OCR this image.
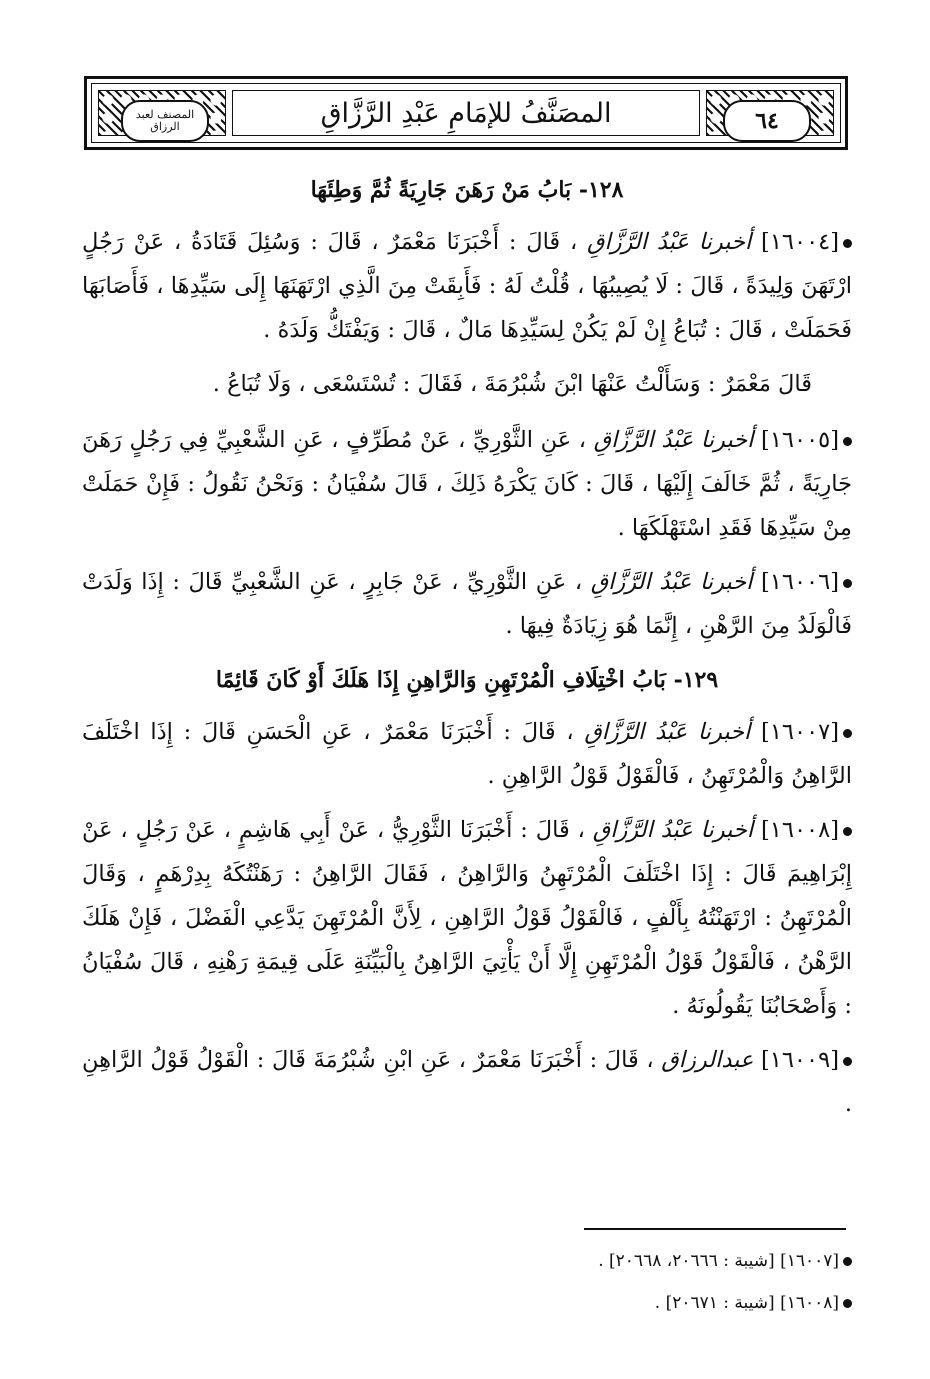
المصنف لعبد الرزاق	المصَنَّفُ للإمَامِ عَبْدِ الرَّزَّاقِ	٦٤
١٢٨- بَابُ مَنْ رَهَنَ جَارِيَةً ثُمَّ وَطِئَهَا

[١٦٠٠٤] أخبرنا عَبْدُ الرَّزَّاقِ ، قَالَ : أَخْبَرَنَا مَعْمَرٌ ، قَالَ : وَسُئِلَ قَتَادَةُ ، عَنْ رَجُلٍ ارْتَهَنَ وَلِيدَةً ، قَالَ : لَا يُصِيبُهَا ، قُلْتُ لَهُ : فَأَبِقَتْ مِنَ الَّذِي ارْتَهَنَهَا إِلَى سَيِّدِهَا ، فَأَصَابَهَا فَحَمَلَتْ ، قَالَ : تُبَاعُ إِنْ لَمْ يَكُنْ لِسَيِّدِهَا مَالٌ ، قَالَ : وَيَفْتَكُّ وَلَدَهُ .

قَالَ مَعْمَرٌ : وَسَأَلْتُ عَنْهَا ابْنَ شُبْرُمَةَ ، فَقَالَ : تُسْتَسْعَى ، وَلَا تُبَاعُ .

[١٦٠٠٥] أخبرنا عَبْدُ الرَّزَّاقِ ، عَنِ الثَّوْرِيِّ ، عَنْ مُطَرِّفٍ ، عَنِ الشَّعْبِيِّ فِي رَجُلٍ رَهَنَ جَارِيَةً ، ثُمَّ خَالَفَ إِلَيْهَا ، قَالَ : كَانَ يَكْرَهُ ذَلِكَ ، قَالَ سُفْيَانُ : وَنَحْنُ نَقُولُ : فَإِنْ حَمَلَتْ مِنْ سَيِّدِهَا فَقَدِ اسْتَهْلَكَهَا .

[١٦٠٠٦] أخبرنا عَبْدُ الرَّزَّاقِ ، عَنِ الثَّوْرِيِّ ، عَنْ جَابِرٍ ، عَنِ الشَّعْبِيِّ قَالَ : إِذَا وَلَدَتْ فَالْوَلَدُ مِنَ الرَّهْنِ ، إِنَّمَا هُوَ زِيَادَةٌ فِيهَا .

١٢٩- بَابُ اخْتِلَافِ الْمُرْتَهِنِ وَالرَّاهِنِ إِذَا هَلَكَ أَوْ كَانَ قَائِمًا

[١٦٠٠٧] أخبرنا عَبْدُ الرَّزَّاقِ ، قَالَ : أَخْبَرَنَا مَعْمَرٌ ، عَنِ الْحَسَنِ قَالَ : إِذَا اخْتَلَفَ الرَّاهِنُ وَالْمُرْتَهِنُ ، فَالْقَوْلُ قَوْلُ الرَّاهِنِ .

[١٦٠٠٨] أخبرنا عَبْدُ الرَّزَّاقِ ، قَالَ : أَخْبَرَنَا الثَّوْرِيُّ ، عَنْ أَبِي هَاشِمٍ ، عَنْ رَجُلٍ ، عَنْ إِبْرَاهِيمَ قَالَ : إِذَا اخْتَلَفَ الْمُرْتَهِنُ وَالرَّاهِنُ ، فَقَالَ الرَّاهِنُ : رَهَنْتُكَهُ بِدِرْهَمٍ ، وَقَالَ الْمُرْتَهِنُ : ارْتَهَنْتُهُ بِأَلْفٍ ، فَالْقَوْلُ قَوْلُ الرَّاهِنِ ، لِأَنَّ الْمُرْتَهِنَ يَدَّعِي الْفَضْلَ ، فَإِنْ هَلَكَ الرَّهْنُ ، فَالْقَوْلُ قَوْلُ الْمُرْتَهِنِ إِلَّا أَنْ يَأْتِيَ الرَّاهِنُ بِالْبَيِّنَةِ عَلَى قِيمَةِ رَهْنِهِ ، قَالَ سُفْيَانُ : وَأَصْحَابُنَا يَقُولُونَهُ .

[١٦٠٠٩] عبدالرزاق ، قَالَ : أَخْبَرَنَا مَعْمَرٌ ، عَنِ ابْنِ شُبْرُمَةَ قَالَ : الْقَوْلُ قَوْلُ الرَّاهِنِ .

[١٦٠٠٧] [شيبة : ٢٠٦٦٦، ٢٠٦٦٨] .

[١٦٠٠٨] [شيبة : ٢٠٦٧١] .
